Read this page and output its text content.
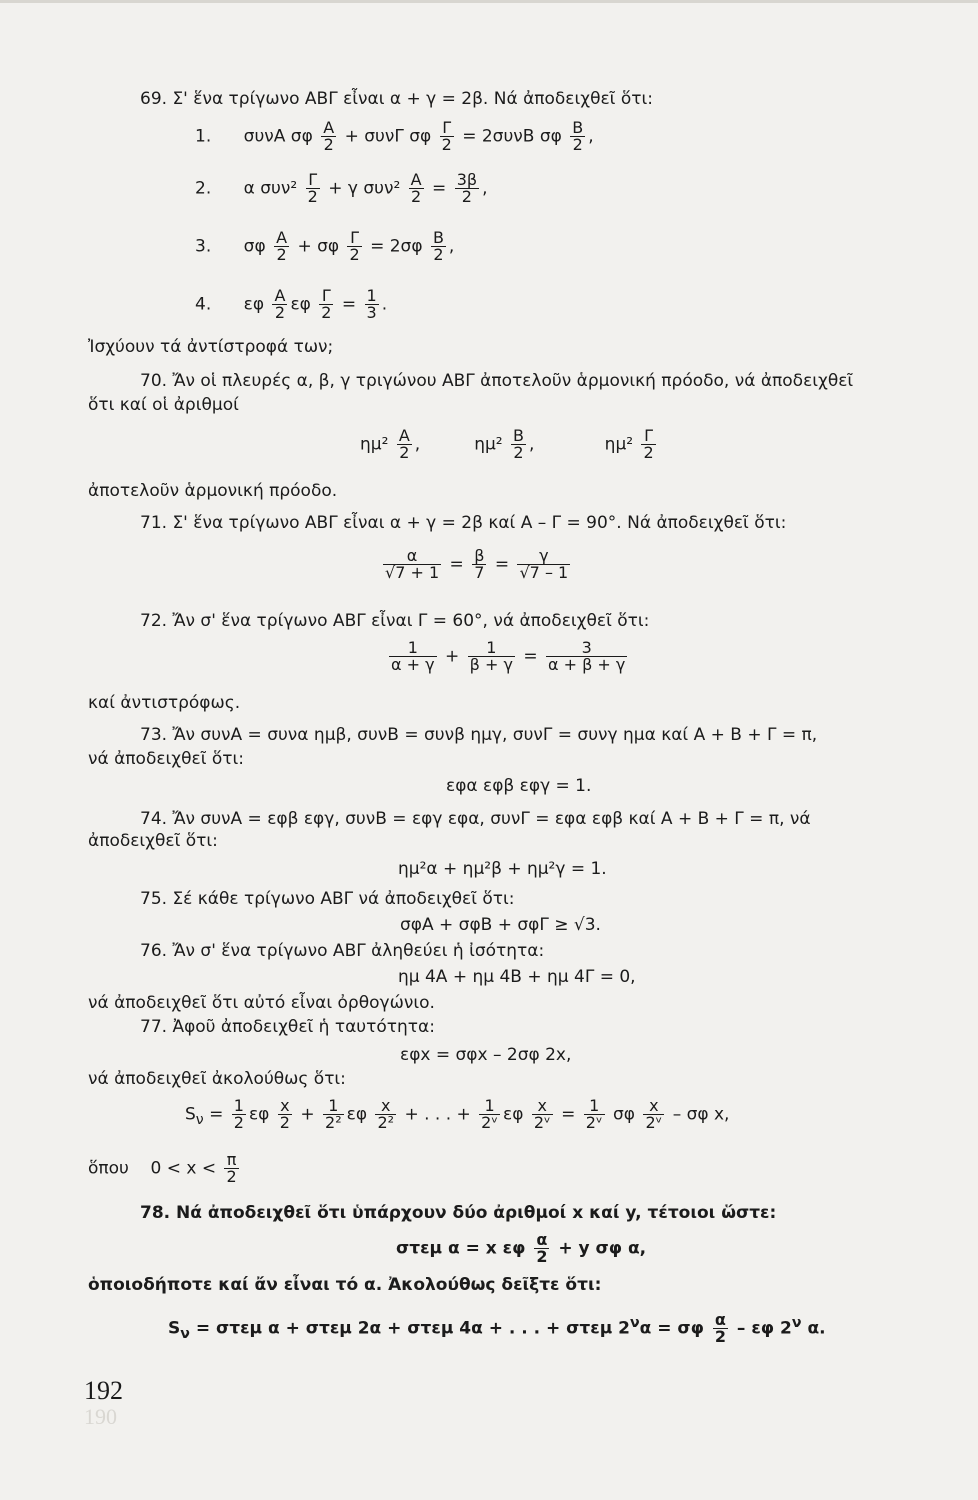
69. Σ' ἕνα τρίγωνο ΑΒΓ εἶναι α + γ = 2β. Νά ἀποδειχθεῖ ὅτι:
1. συνΑ σφ $\frac{A}{2} + \sigma\upsilon\nu\Gamma$ σφ $\frac{\Gamma}{2} = 2\sigma\upsilon\nu B$ σφ $\frac{B}{2}$ ,
2. α $\sigma\upsilon\nu^2 \frac{\Gamma}{2} + \gamma$ $\sigma\upsilon\nu^2 \frac{A}{2} = \frac{3\beta}{2}$ ,
3. σφ $\frac{A}{2} + \sigma\varphi \frac{\Gamma}{2} = 2\sigma\varphi \frac{B}{2}$ ,
4. εφ $\frac{A}{2}$ εφ $\frac{\Gamma}{2} = \frac{1}{3}$ .
Ἰσχύουν τά ἀντίστροφά των;
70. Ἄν οἱ πλευρές α, β, γ τριγώνου ΑΒΓ ἀποτελοῦν ἁρμονική πρόοδο, νά ἀποδειχθεῖ
ὅτι καί οἱ ἀριθμοί
$\eta\mu^2 \frac{A}{2}$ ,	$\eta\mu^2 \frac{B}{2}$ ,	$\eta\mu^2 \frac{\Gamma}{2}$
ἀποτελοῦν ἁρμονική πρόοδο.
71. Σ' ἕνα τρίγωνο ΑΒΓ εἶναι α + γ = 2β καί Α – Γ = 90°. Νά ἀποδειχθεῖ ὅτι:
$\frac{\alpha}{√7 + 1} = \frac{\beta}{7} = \frac{\gamma}{√7 - 1}$
72. Ἄν σ' ἕνα τρίγωνο ΑΒΓ εἶναι Γ = 60°, νά ἀποδειχθεῖ ὅτι:
$\frac{1}{\alpha + \gamma} + \frac{1}{\beta + \gamma} = \frac{3}{\alpha + \beta + \gamma}$
καί ἀντιστρόφως.
73. Ἄν συνΑ = συνα ημβ, συνΒ = συνβ ημγ, συνΓ = συνγ ημα καί Α + Β + Γ = π,
νά ἀποδειχθεῖ ὅτι:
εφα εφβ εφγ = 1.
74. Ἄν συνΑ = εφβ εφγ, συνΒ = εφγ εφα, συνΓ = εφα εφβ καί Α + Β + Γ = π, νά
ἀποδειχθεῖ ὅτι:
ημ²α + ημ²β + ημ²γ = 1.
75. Σέ κάθε τρίγωνο ΑΒΓ νά ἀποδειχθεῖ ὅτι:
σφΑ + σφΒ + σφΓ ≥ √3.
76. Ἄν σ' ἕνα τρίγωνο ΑΒΓ ἀληθεύει ἡ ἰσότητα:
ημ 4Α + ημ 4Β + ημ 4Γ = 0,
νά ἀποδειχθεῖ ὅτι αὐτό εἶναι ὀρθογώνιο.
77. Ἀφοῦ ἀποδειχθεῖ ἡ ταυτότητα:
εφx = σφx – 2σφ 2x,
νά ἀποδειχθεῖ ἀκολούθως ὅτι:
$S_\nu = \frac{1}{2}$ εφ $\frac{x}{2} + \frac{1}{\text{2²}}$ εφ $\frac{x}{\text{2²}}$ + . . . + $\frac{1}{\text{2ᵛ}}$ εφ $\frac{x}{\text{2ᵛ}} = \frac{1}{\text{2ᵛ}}$ σφ $\frac{x}{\text{2ᵛ}}$ – σφ x,
ὅπου $0 < x < \frac{\pi}{2}$
78. Νά ἀποδειχθεῖ ὅτι ὑπάρχουν δύο ἀριθμοί x καί y, τέτοιοι ὥστε:
στεμ α = x εφ $\frac{\alpha}{2} + y$ σφ α,
ὁποιοδήποτε καί ἄν εἶναι τό α. Ἀκολούθως δεῖξτε ὅτι:
$S_\nu = \sigma\tau\varepsilon\mu$ α + στεμ 2α + στεμ 4α + . . . + στεμ $2^\nu\alpha = \sigma\varphi \frac{\alpha}{2} - \varepsilon\varphi$ $2^\nu$ α.
192
190
